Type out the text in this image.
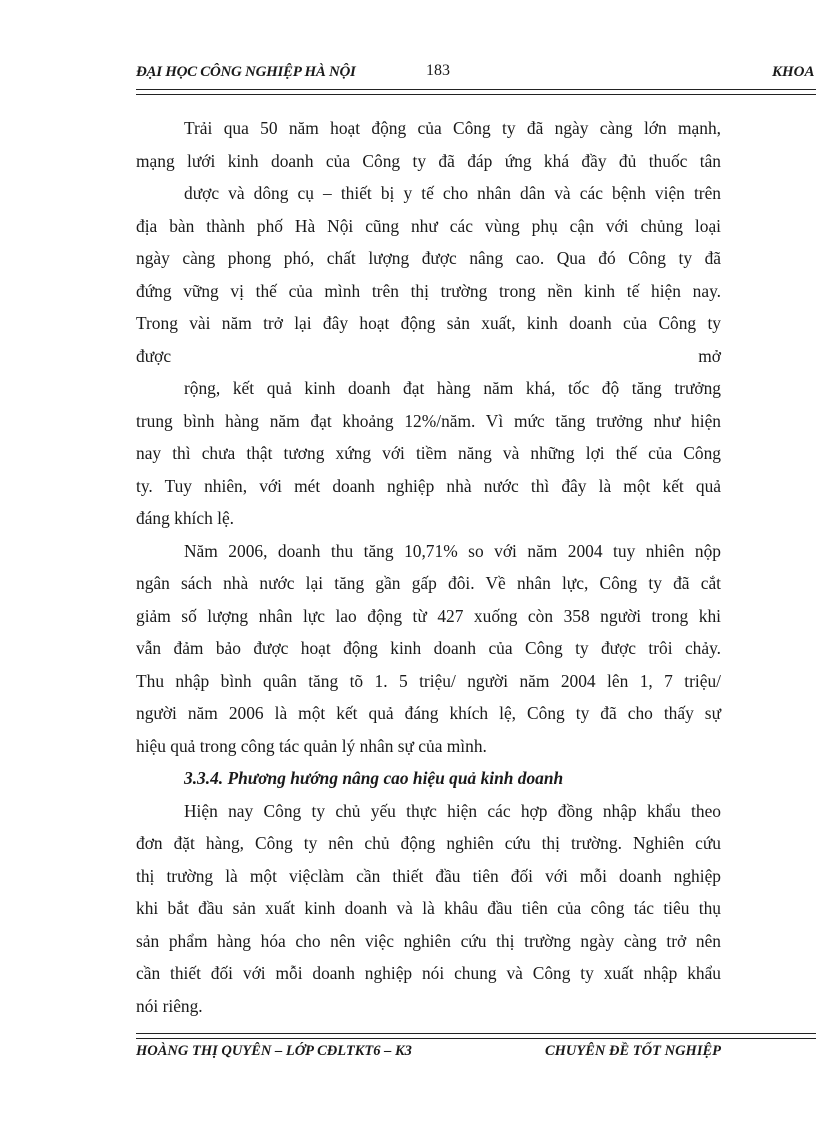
ĐẠI HỌC CÔNG NGHIỆP HÀ NỘI	183	KHOA
Trải qua 50 năm hoạt động của Công ty đã ngày càng lớn mạnh,
mạng lưới kinh doanh của Công ty đã đáp ứng khá đầy đủ thuốc tân
dược và dông cụ – thiết bị y tế cho nhân dân và các bệnh viện trên
địa bàn thành phố Hà Nội cũng như các vùng phụ cận với chủng loại
ngày càng phong phó, chất lượng được nâng cao. Qua đó Công ty đã
đứng vững vị thế của mình trên thị trường trong nền kinh tế hiện nay.
Trong vài năm trở lại đây hoạt động sản xuất, kinh doanh của Công ty
được	mở
rộng, kết quả kinh doanh đạt hàng năm khá, tốc độ tăng trưởng
trung bình hàng năm đạt khoảng 12%/năm. Vì mức tăng trưởng như hiện
nay thì chưa thật tương xứng với tiềm năng và những lợi thế của Công
ty. Tuy nhiên, với mét doanh nghiệp nhà nước thì đây là một kết quả
đáng khích lệ.
Năm 2006, doanh thu tăng 10,71% so với năm 2004 tuy nhiên nộp
ngân sách nhà nước lại tăng gần gấp đôi. Về nhân lực, Công ty đã cắt
giảm số lượng nhân lực lao động từ 427 xuống còn 358 người trong khi
vẫn đảm bảo được hoạt động kinh doanh của Công ty được trôi chảy.
Thu nhập bình quân tăng tõ 1. 5 triệu/ người năm 2004 lên 1, 7 triệu/
người năm 2006 là một kết quả đáng khích lệ, Công ty đã cho thấy sự
hiệu quả trong công tác quản lý nhân sự của mình.
3.3.4. Phương hướng nâng cao hiệu quả kinh doanh
Hiện nay Công ty chủ yếu thực hiện các hợp đồng nhập khẩu theo
đơn đặt hàng, Công ty nên chủ động nghiên cứu thị trường. Nghiên cứu
thị trường là một việclàm cần thiết đầu tiên đối với mỗi doanh nghiệp
khi bắt đầu sản xuất kinh doanh và là khâu đầu tiên của công tác tiêu thụ
sản phẩm hàng hóa cho nên việc nghiên cứu thị trường ngày càng trở nên
cần thiết đối với mỗi doanh nghiệp nói chung và Công ty xuất nhập khẩu
nói riêng.
HOÀNG THỊ QUYÊN – LỚP CĐLTKT6 – K3	CHUYÊN ĐỀ TỐT NGHIỆP
